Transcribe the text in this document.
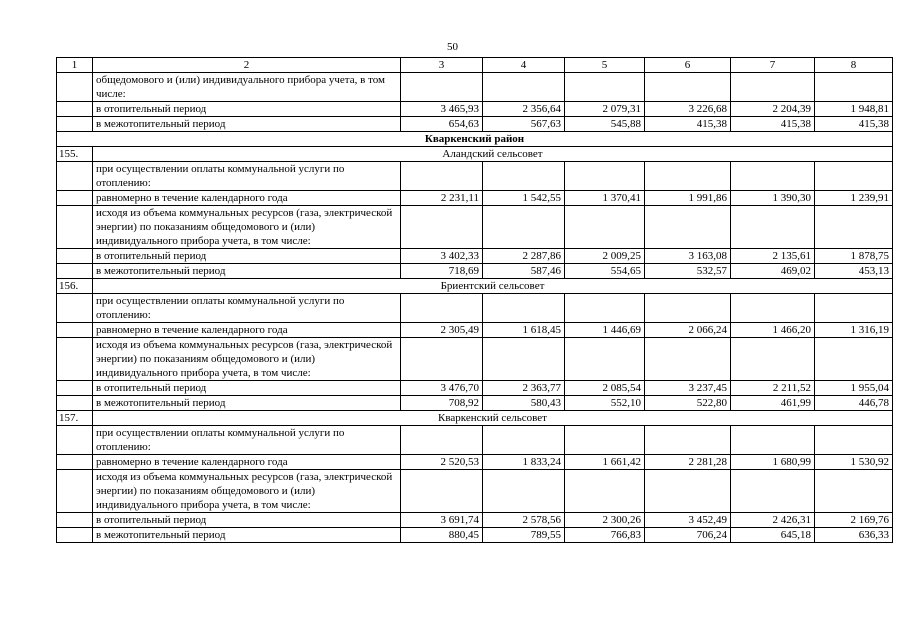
50
1	2	3	4	5	6	7	8
	общедомового и (или) индивидуального прибора учета, в том числе:						
	в отопительный период	3 465,93	2 356,64	2 079,31	3 226,68	2 204,39	1 948,81
	в межотопительный период	654,63	567,63	545,88	415,38	415,38	415,38
Кваркенский район							
155.	Аландский сельсовет						
	при осуществлении оплаты коммунальной услуги по отоплению:						
	равномерно в течение календарного года	2 231,11	1 542,55	1 370,41	1 991,86	1 390,30	1 239,91
	исходя из объема коммунальных ресурсов (газа, электрической энергии) по показаниям общедомового и (или) индивидуального прибора учета, в том числе:						
	в отопительный период	3 402,33	2 287,86	2 009,25	3 163,08	2 135,61	1 878,75
	в межотопительный период	718,69	587,46	554,65	532,57	469,02	453,13
156.	Бриентский сельсовет						
	при осуществлении оплаты коммунальной услуги по отоплению:						
	равномерно в течение календарного года	2 305,49	1 618,45	1 446,69	2 066,24	1 466,20	1 316,19
	исходя из объема коммунальных ресурсов (газа, электрической энергии) по показаниям общедомового и (или) индивидуального прибора учета, в том числе:						
	в отопительный период	3 476,70	2 363,77	2 085,54	3 237,45	2 211,52	1 955,04
	в межотопительный период	708,92	580,43	552,10	522,80	461,99	446,78
157.	Кваркенский сельсовет						
	при осуществлении оплаты коммунальной услуги по отоплению:						
	равномерно в течение календарного года	2 520,53	1 833,24	1 661,42	2 281,28	1 680,99	1 530,92
	исходя из объема коммунальных ресурсов (газа, электрической энергии) по показаниям общедомового и (или) индивидуального прибора учета, в том числе:						
	в отопительный период	3 691,74	2 578,56	2 300,26	3 452,49	2 426,31	2 169,76
	в межотопительный период	880,45	789,55	766,83	706,24	645,18	636,33
